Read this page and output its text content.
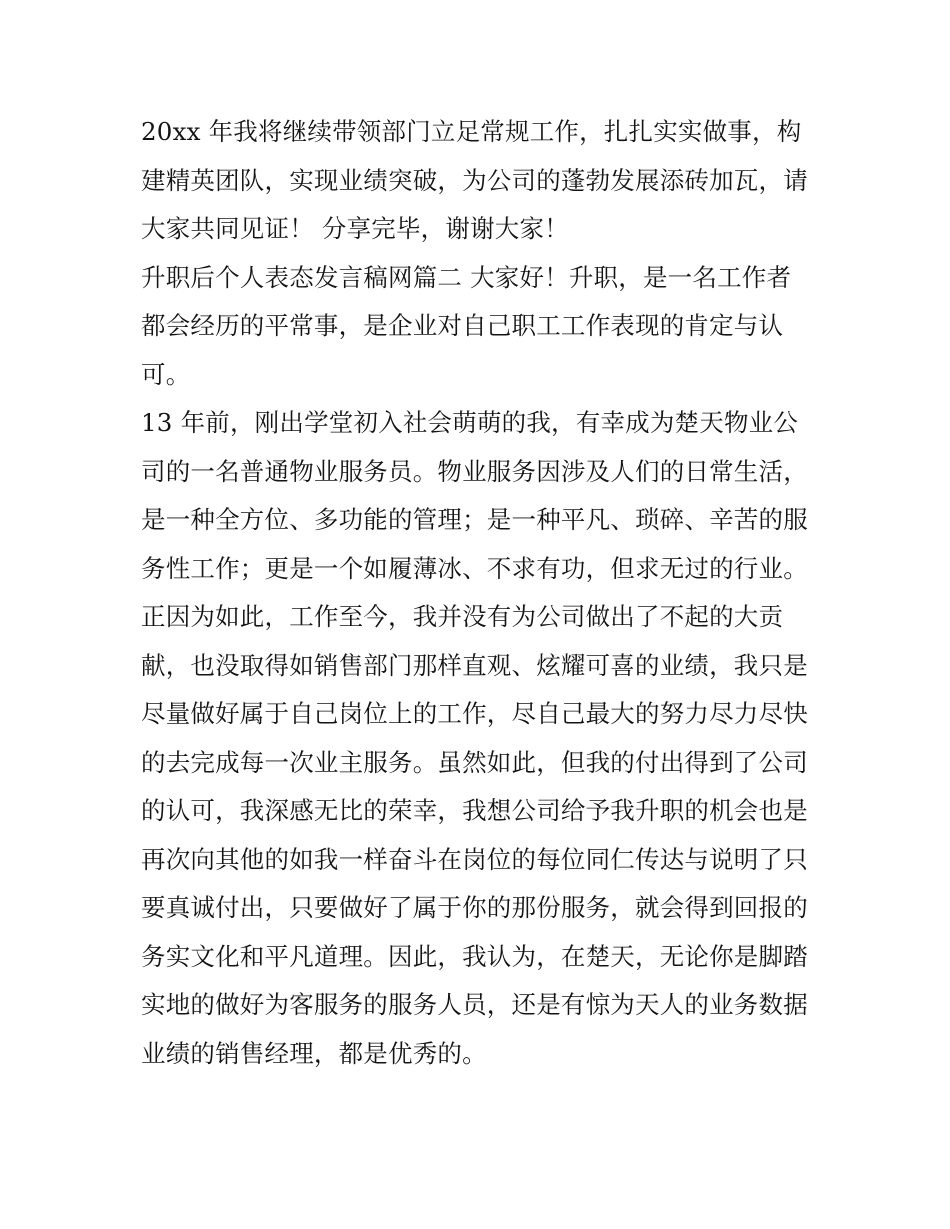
20xx 年我将继续带领部门立足常规工作，扎扎实实做事，构
建精英团队，实现业绩突破，为公司的蓬勃发展添砖加瓦，请
大家共同见证！ 分享完毕，谢谢大家！
升职后个人表态发言稿网篇二 大家好！升职，是一名工作者
都会经历的平常事，是企业对自己职工工作表现的肯定与认
可。
13 年前，刚出学堂初入社会萌萌的我，有幸成为楚天物业公
司的一名普通物业服务员。物业服务因涉及人们的日常生活，
是一种全方位、多功能的管理；是一种平凡、琐碎、辛苦的服
务性工作；更是一个如履薄冰、不求有功，但求无过的行业。
正因为如此，工作至今，我并没有为公司做出了不起的大贡
献，也没取得如销售部门那样直观、炫耀可喜的业绩，我只是
尽量做好属于自己岗位上的工作，尽自己最大的努力尽力尽快
的去完成每一次业主服务。虽然如此，但我的付出得到了公司
的认可，我深感无比的荣幸，我想公司给予我升职的机会也是
再次向其他的如我一样奋斗在岗位的每位同仁传达与说明了只
要真诚付出，只要做好了属于你的那份服务，就会得到回报的
务实文化和平凡道理。因此，我认为，在楚天，无论你是脚踏
实地的做好为客服务的服务人员，还是有惊为天人的业务数据
业绩的销售经理，都是优秀的。
